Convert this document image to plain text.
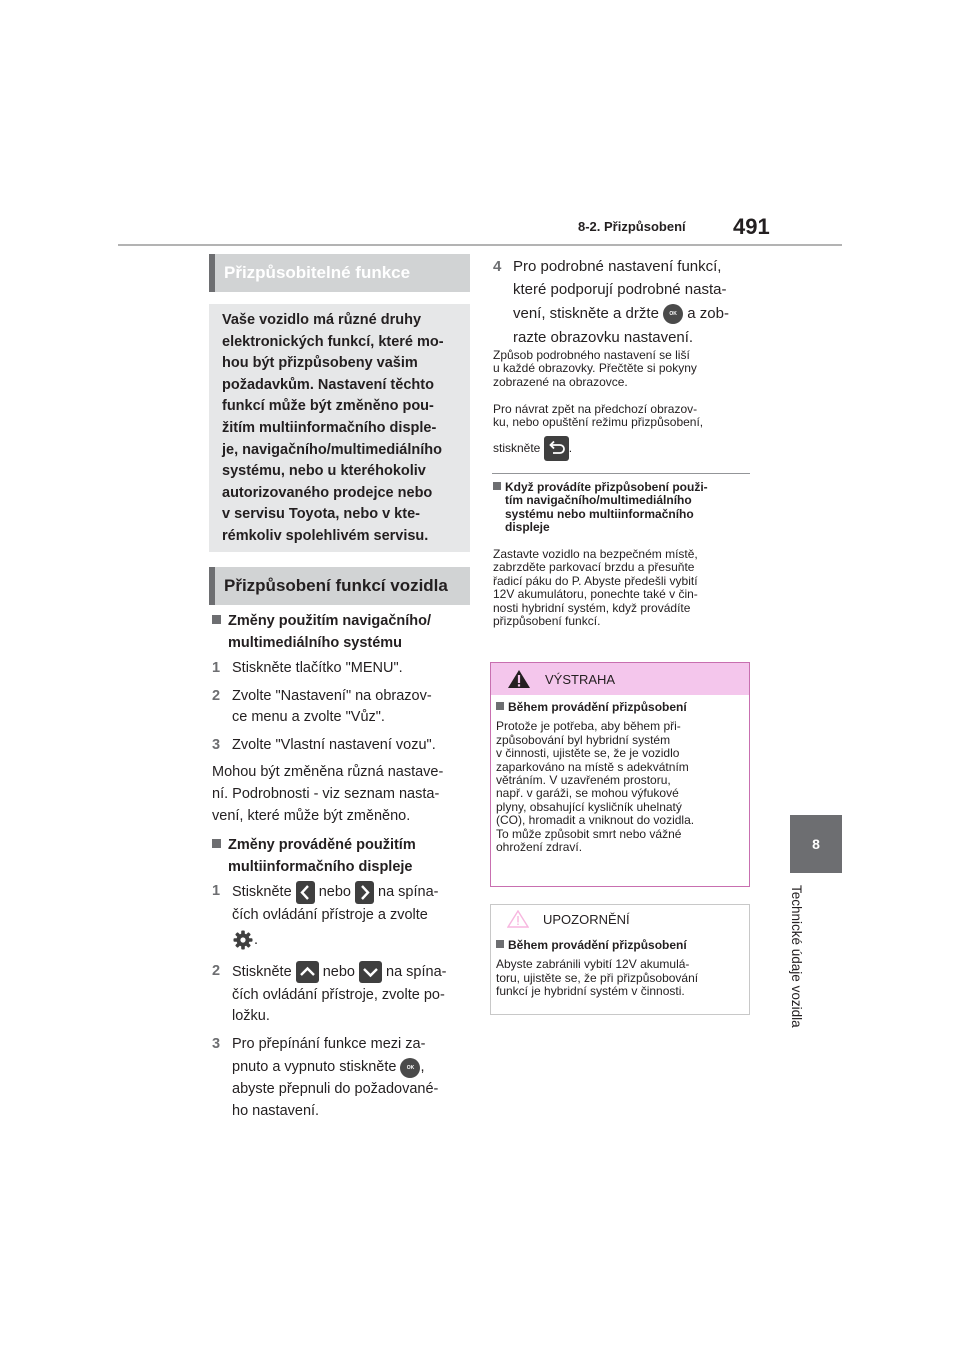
8-2. Přizpůsobení 491
8
Technické údaje vozidla
Přizpůsobitelné funkce
Vaše vozidlo má různé druhy
elektronických funkcí, které mo-
hou být přizpůsobeny vašim
požadavkům. Nastavení těchto
funkcí může být změněno pou-
žitím multiinformačního disple-
je, navigačního/multimediálního
systému, nebo u kteréhokoliv
autorizovaného prodejce nebo
v servisu Toyota, nebo v kte-
rémkoliv spolehlivém servisu.
Přizpůsobení funkcí vozidla
Změny použitím navigačního/
multimediálního systému
1 Stiskněte tlačítko "MENU".
2 Zvolte "Nastavení" na obrazov-
ce menu a zvolte "Vůz".
3 Zvolte "Vlastní nastavení vozu".
Mohou být změněna různá nastave-
ní. Podrobnosti - viz seznam nasta-
vení, které může být změněno.
Změny prováděné použitím
multiinformačního displeje
1 Stiskněte  nebo  na spína-
čích ovládání přístroje a zvolte
.
2 Stiskněte  nebo  na spína-
čích ovládání přístroje, zvolte po-
ložku.
3 Pro přepínání funkce mezi za-
pnuto a vypnuto stiskněte OK ,
abyste přepnuli do požadované-
ho nastavení.
4 Pro podrobné nastavení funkcí,
které podporují podrobné nasta-
vení, stiskněte a držte OK a zob-
razte obrazovku nastavení.
Způsob podrobného nastavení se liší
u každé obrazovky. Přečtěte si pokyny
zobrazené na obrazovce.
Pro návrat zpět na předchozí obrazov-
ku, nebo opuštění režimu přizpůsobení,
stiskněte .
Když provádíte přizpůsobení použi-
tím navigačního/multimediálního
systému nebo multiinformačního
displeje
Zastavte vozidlo na bezpečném místě,
zabrzděte parkovací brzdu a přesuňte
řadicí páku do P. Abyste předešli vybití
12V akumulátoru, ponechte také v čin-
nosti hybridní systém, když provádíte
přizpůsobení funkcí.
VÝSTRAHA
Během provádění přizpůsobení
Protože je potřeba, aby během při-
způsobování byl hybridní systém
v činnosti, ujistěte se, že je vozidlo
zaparkováno na místě s adekvátním
větráním. V uzavřeném prostoru,
např. v garáži, se mohou výfukové
plyny, obsahující kysličník uhelnatý
(CO), hromadit a vniknout do vozidla.
To může způsobit smrt nebo vážné
ohrožení zdraví.
UPOZORNĚNÍ
Během provádění přizpůsobení
Abyste zabránili vybití 12V akumulá-
toru, ujistěte se, že při přizpůsobování
funkcí je hybridní systém v činnosti.
